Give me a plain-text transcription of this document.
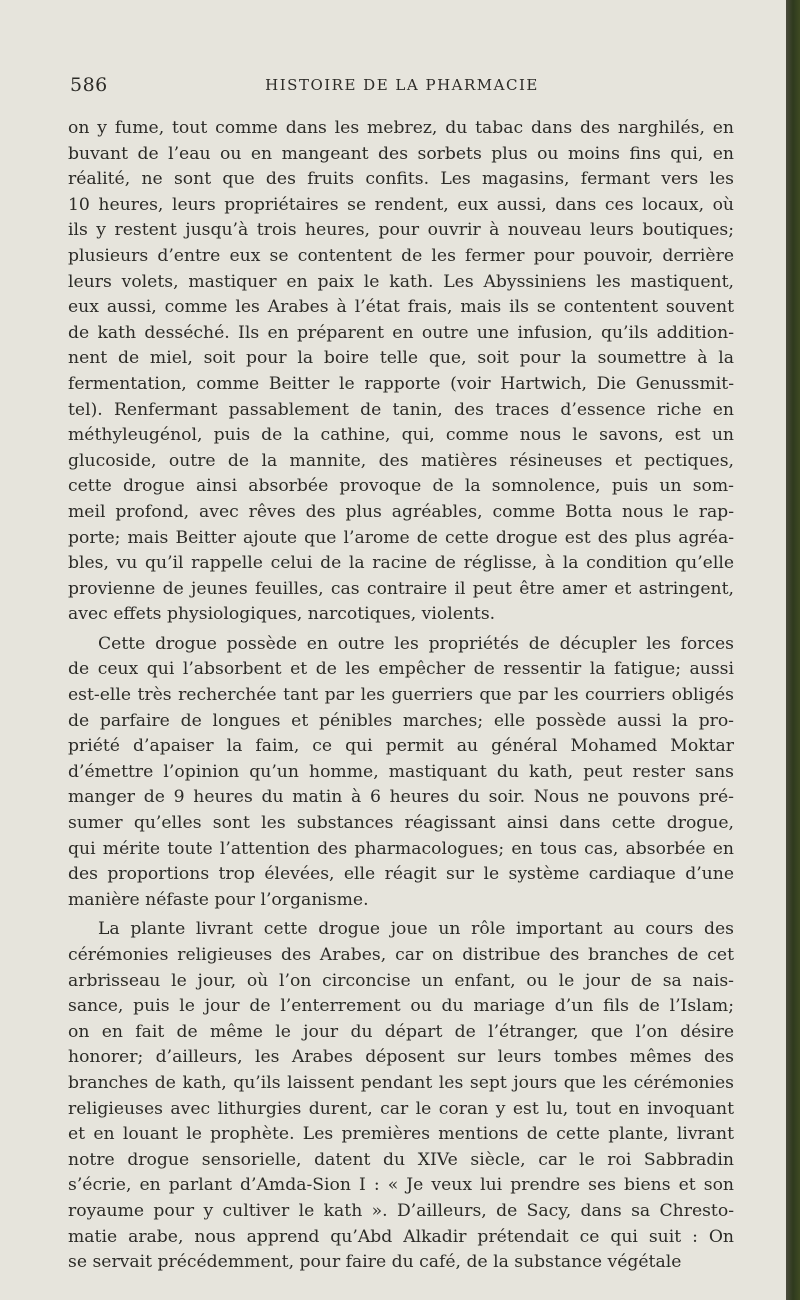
586	HISTOIRE DE LA PHARMACIE
on y fume, tout comme dans les mebrez, du tabac dans des narghilés, en
buvant de l’eau ou en mangeant des sorbets plus ou moins fins qui, en
réalité, ne sont que des fruits confits. Les magasins, fermant vers les
10 heures, leurs propriétaires se rendent, eux aussi, dans ces locaux, où
ils y restent jusqu’à trois heures, pour ouvrir à nouveau leurs boutiques;
plusieurs d’entre eux se contentent de les fermer pour pouvoir, derrière
leurs volets, mastiquer en paix le kath. Les Abyssiniens les mastiquent,
eux aussi, comme les Arabes à l’état frais, mais ils se contentent souvent
de kath desséché. Ils en préparent en outre une infusion, qu’ils addition-
nent de miel, soit pour la boire telle que, soit pour la soumettre à la
fermentation, comme Beitter le rapporte (voir Hartwich, Die Genussmit-
tel). Renfermant passablement de tanin, des traces d’essence riche en
méthyleugénol, puis de la cathine, qui, comme nous le savons, est un
glucoside, outre de la mannite, des matières résineuses et pectiques,
cette drogue ainsi absorbée provoque de la somnolence, puis un som-
meil profond, avec rêves des plus agréables, comme Botta nous le rap-
porte; mais Beitter ajoute que l’arome de cette drogue est des plus agréa-
bles, vu qu’il rappelle celui de la racine de réglisse, à la condition qu’elle
provienne de jeunes feuilles, cas contraire il peut être amer et astringent,
avec effets physiologiques, narcotiques, violents.
Cette drogue possède en outre les propriétés de décupler les forces
de ceux qui l’absorbent et de les empêcher de ressentir la fatigue; aussi
est-elle très recherchée tant par les guerriers que par les courriers obligés
de parfaire de longues et pénibles marches; elle possède aussi la pro-
priété d’apaiser la faim, ce qui permit au général Mohamed Moktar
d’émettre l’opinion qu’un homme, mastiquant du kath, peut rester sans
manger de 9 heures du matin à 6 heures du soir. Nous ne pouvons pré-
sumer qu’elles sont les substances réagissant ainsi dans cette drogue,
qui mérite toute l’attention des pharmacologues; en tous cas, absorbée en
des proportions trop élevées, elle réagit sur le système cardiaque d’une
manière néfaste pour l’organisme.
La plante livrant cette drogue joue un rôle important au cours des
cérémonies religieuses des Arabes, car on distribue des branches de cet
arbrisseau le jour, où l’on circoncise un enfant, ou le jour de sa nais-
sance, puis le jour de l’enterrement ou du mariage d’un fils de l’Islam;
on en fait de même le jour du départ de l’étranger, que l’on désire
honorer; d’ailleurs, les Arabes déposent sur leurs tombes mêmes des
branches de kath, qu’ils laissent pendant les sept jours que les cérémonies
religieuses avec lithurgies durent, car le coran y est lu, tout en invoquant
et en louant le prophète. Les premières mentions de cette plante, livrant
notre drogue sensorielle, datent du XIVe siècle, car le roi Sabbradin
s’écrie, en parlant d’Amda-Sion I : « Je veux lui prendre ses biens et son
royaume pour y cultiver le kath ». D’ailleurs, de Sacy, dans sa Chresto-
matie arabe, nous apprend qu’Abd Alkadir prétendait ce qui suit : On
se servait précédemment, pour faire du café, de la substance végétale
